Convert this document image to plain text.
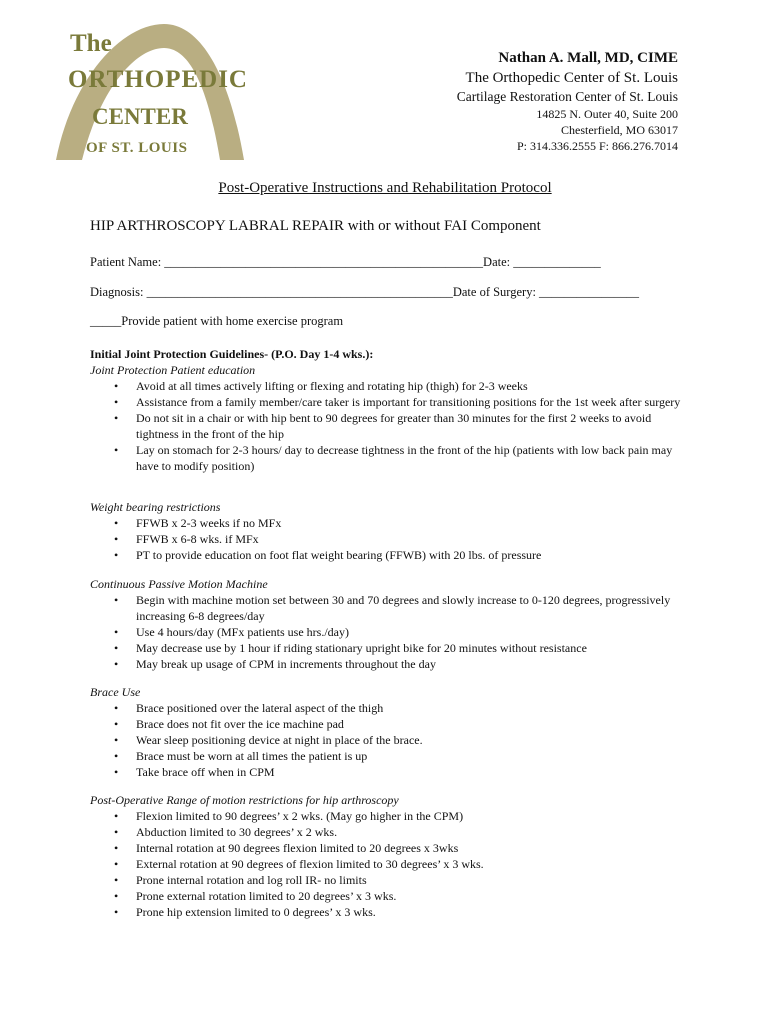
The
ORTHOPEDIC
CENTER
OF ST. LOUIS
Nathan A. Mall, MD, CIME
The Orthopedic Center of St. Louis
Cartilage Restoration Center of St. Louis
14825 N. Outer 40, Suite 200
Chesterfield, MO 63017
P: 314.336.2555 F: 866.276.7014
Post-Operative Instructions and Rehabilitation Protocol
HIP ARTHROSCOPY LABRAL REPAIR with or without FAI Component
Patient Name: ___________________________________________________Date: ______________
Diagnosis: _________________________________________________Date of Surgery: ________________
_____Provide patient with home exercise program
Initial Joint Protection Guidelines- (P.O. Day 1-4 wks.):
Joint Protection Patient education
• Avoid at all times actively lifting or flexing and rotating hip (thigh) for 2-3 weeks
• Assistance from a family member/care taker is important for transitioning positions for the 1st week after surgery
• Do not sit in a chair or with hip bent to 90 degrees for greater than 30 minutes for the first 2 weeks to avoid tightness in the front of the hip
• Lay on stomach for 2-3 hours/ day to decrease tightness in the front of the hip (patients with low back pain may have to modify position)
Weight bearing restrictions
• FFWB x 2-3 weeks if no MFx
• FFWB x 6-8 wks. if MFx
• PT to provide education on foot flat weight bearing (FFWB) with 20 lbs. of pressure
Continuous Passive Motion Machine
• Begin with machine motion set between 30 and 70 degrees and slowly increase to 0-120 degrees, progressively increasing 6-8 degrees/day
• Use 4 hours/day (MFx patients use hrs./day)
• May decrease use by 1 hour if riding stationary upright bike for 20 minutes without resistance
• May break up usage of CPM in increments throughout the day
Brace Use
• Brace positioned over the lateral aspect of the thigh
• Brace does not fit over the ice machine pad
• Wear sleep positioning device at night in place of the brace.
• Brace must be worn at all times the patient is up
• Take brace off when in CPM
Post-Operative Range of motion restrictions for hip arthroscopy
• Flexion limited to 90 degrees’ x 2 wks. (May go higher in the CPM)
• Abduction limited to 30 degrees’ x 2 wks.
• Internal rotation at 90 degrees flexion limited to 20 degrees x 3wks
• External rotation at 90 degrees of flexion limited to 30 degrees’ x 3 wks.
• Prone internal rotation and log roll IR- no limits
• Prone external rotation limited to 20 degrees’ x 3 wks.
• Prone hip extension limited to 0 degrees’ x 3 wks.
